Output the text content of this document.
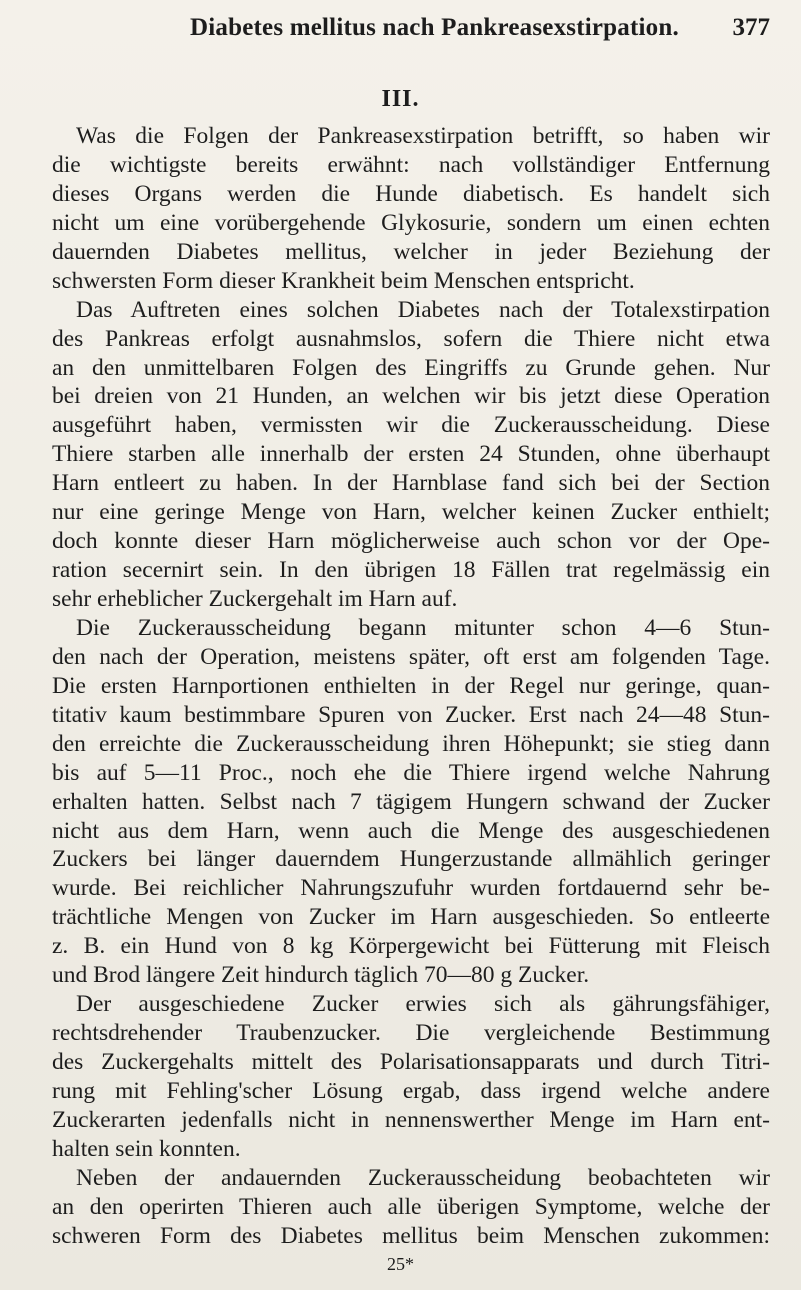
Diabetes mellitus nach Pankreasexstirpation. 377
III.
Was die Folgen der Pankreasexstirpation betrifft, so haben wir
die wichtigste bereits erwähnt: nach vollständiger Entfernung
dieses Organs werden die Hunde diabetisch. Es handelt sich
nicht um eine vorübergehende Glykosurie, sondern um einen echten
dauernden Diabetes mellitus, welcher in jeder Beziehung der
schwersten Form dieser Krankheit beim Menschen entspricht.
Das Auftreten eines solchen Diabetes nach der Totalexstirpation
des Pankreas erfolgt ausnahmslos, sofern die Thiere nicht etwa
an den unmittelbaren Folgen des Eingriffs zu Grunde gehen. Nur
bei dreien von 21 Hunden, an welchen wir bis jetzt diese Operation
ausgeführt haben, vermissten wir die Zuckerausscheidung. Diese
Thiere starben alle innerhalb der ersten 24 Stunden, ohne überhaupt
Harn entleert zu haben. In der Harnblase fand sich bei der Section
nur eine geringe Menge von Harn, welcher keinen Zucker enthielt;
doch konnte dieser Harn möglicherweise auch schon vor der Ope-
ration secernirt sein. In den übrigen 18 Fällen trat regelmässig ein
sehr erheblicher Zuckergehalt im Harn auf.
Die Zuckerausscheidung begann mitunter schon 4—6 Stun-
den nach der Operation, meistens später, oft erst am folgenden Tage.
Die ersten Harnportionen enthielten in der Regel nur geringe, quan-
titativ kaum bestimmbare Spuren von Zucker. Erst nach 24—48 Stun-
den erreichte die Zuckerausscheidung ihren Höhepunkt; sie stieg dann
bis auf 5—11 Proc., noch ehe die Thiere irgend welche Nahrung
erhalten hatten. Selbst nach 7 tägigem Hungern schwand der Zucker
nicht aus dem Harn, wenn auch die Menge des ausgeschiedenen
Zuckers bei länger dauerndem Hungerzustande allmählich geringer
wurde. Bei reichlicher Nahrungszufuhr wurden fortdauernd sehr be-
trächtliche Mengen von Zucker im Harn ausgeschieden. So entleerte
z. B. ein Hund von 8 kg Körpergewicht bei Fütterung mit Fleisch
und Brod längere Zeit hindurch täglich 70—80 g Zucker.
Der ausgeschiedene Zucker erwies sich als gährungsfähiger,
rechtsdrehender Traubenzucker. Die vergleichende Bestimmung
des Zuckergehalts mittelt des Polarisationsapparats und durch Titri-
rung mit Fehling'scher Lösung ergab, dass irgend welche andere
Zuckerarten jedenfalls nicht in nennenswerther Menge im Harn ent-
halten sein konnten.
Neben der andauernden Zuckerausscheidung beobachteten wir
an den operirten Thieren auch alle überigen Symptome, welche der
schweren Form des Diabetes mellitus beim Menschen zukommen:
25*
